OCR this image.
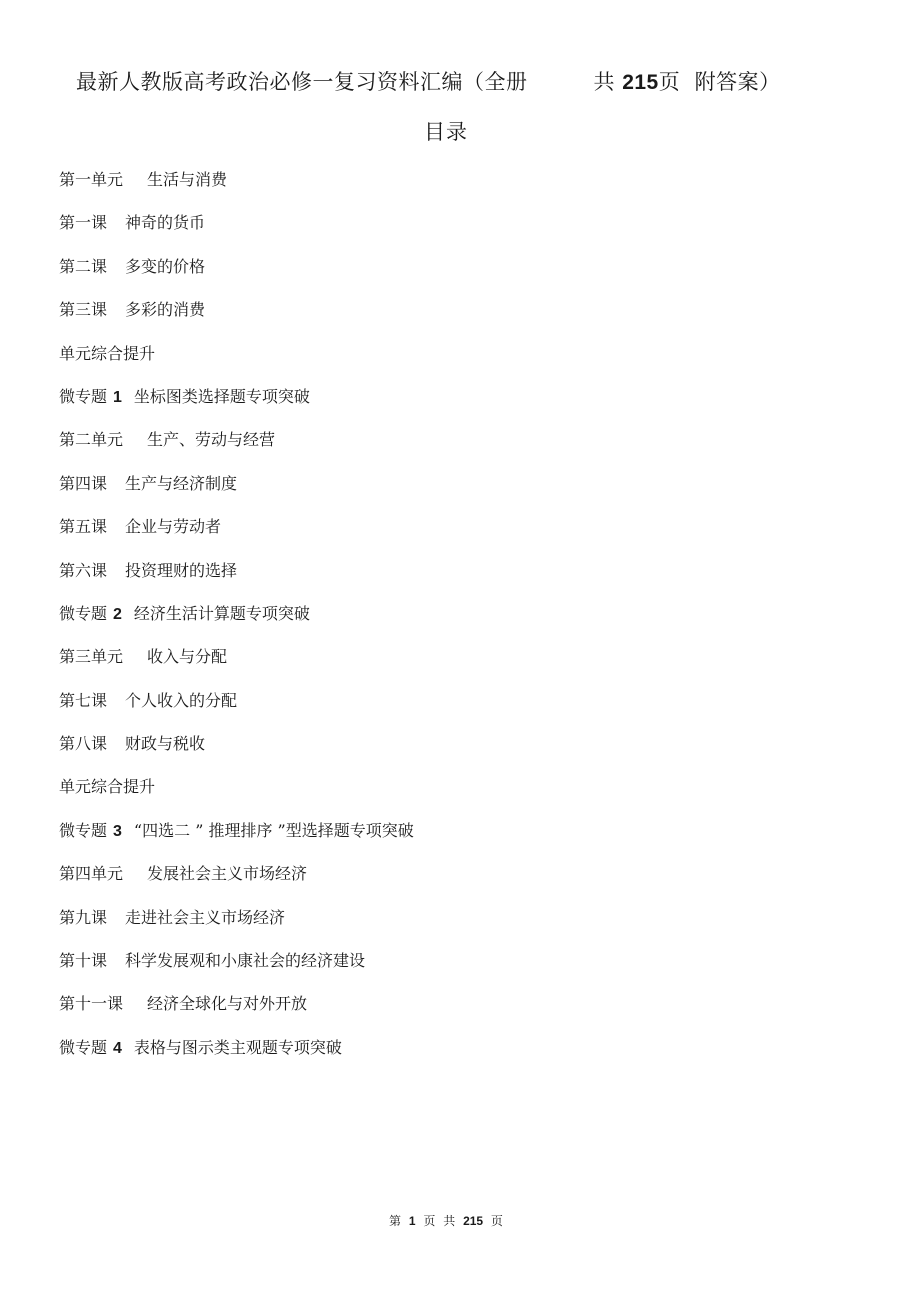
最新人教版高考政治必修一复习资料汇编（全册	共 215页 附答案）
目录
第一单元 生活与消费
第一课 神奇的货币
第二课 多变的价格
第三课 多彩的消费
单元综合提升
微专题 1 坐标图类选择题专项突破
第二单元 生产、劳动与经营
第四课 生产与经济制度
第五课 企业与劳动者
第六课 投资理财的选择
微专题 2 经济生活计算题专项突破
第三单元 收入与分配
第七课 个人收入的分配
第八课 财政与税收
单元综合提升
微专题 3 “四选二 ” 推理排序 ”型选择题专项突破
第四单元 发展社会主义市场经济
第九课 走进社会主义市场经济
第十课 科学发展观和小康社会的经济建设
第十一课 经济全球化与对外开放
微专题 4 表格与图示类主观题专项突破
第 1 页 共 215 页
